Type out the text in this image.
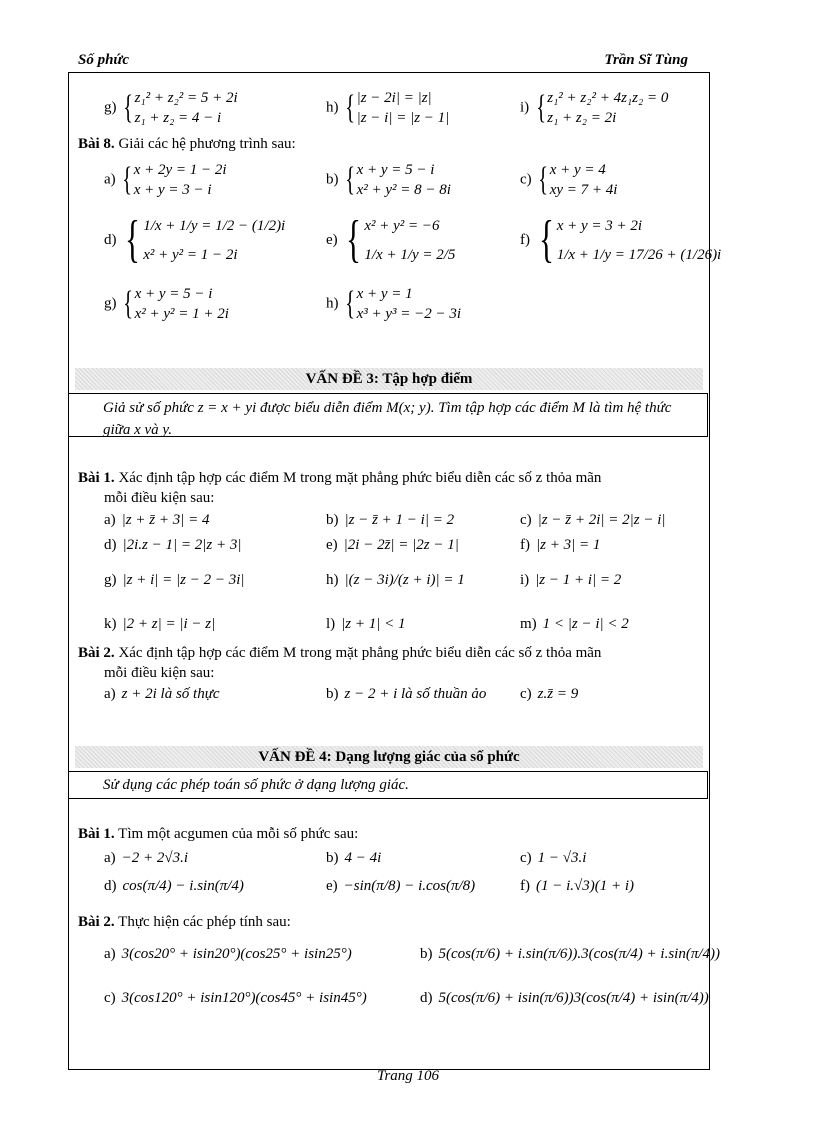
Số phức	Trần Sĩ Tùng
g) { z₁² + z₂² = 5 + 2i
z₁ + z₂ = 4 − i
h) { |z − 2i| = |z|
|z − i| = |z − 1|
i) { z₁² + z₂² + 4z₁z₂ = 0
z₁ + z₂ = 2i
Bài 8. Giải các hệ phương trình sau:
a) { x + 2y = 1 − 2i
x + y = 3 − i
b) { x + y = 5 − i
x² + y² = 8 − 8i
c) { x + y = 4
xy = 7 + 4i
d) { 1/x + 1/y = 1/2 − (1/2)i
x² + y² = 1 − 2i
e) { x² + y² = −6
1/x + 1/y = 2/5
f) { x + y = 3 + 2i
1/x + 1/y = 17/26 + (1/26)i
g) { x + y = 5 − i
x² + y² = 1 + 2i
h) { x + y = 1
x³ + y³ = −2 − 3i
VẤN ĐỀ 3: Tập hợp điểm
Giả sử số phức z = x + yi được biểu diễn điểm M(x; y). Tìm tập hợp các điểm M là tìm hệ thức giữa x và y.
Bài 1. Xác định tập hợp các điểm M trong mặt phẳng phức biểu diễn các số z thỏa mãn
mỗi điều kiện sau:
a) |z + z̄ + 3| = 4	b) |z − z̄ + 1 − i| = 2	c) |z − z̄ + 2i| = 2|z − i|
d) |2i.z − 1| = 2|z + 3|	e) |2i − 2z̄| = |2z − 1|	f) |z + 3| = 1
g) |z + i| = |z − 2 − 3i|	h) |(z − 3i)/(z + i)| = 1	i) |z − 1 + i| = 2
k) |2 + z| = |i − z|	l) |z + 1| < 1	m) 1 < |z − i| < 2
Bài 2. Xác định tập hợp các điểm M trong mặt phẳng phức biểu diễn các số z thỏa mãn
mỗi điều kiện sau:
a) z + 2i là số thực	b) z − 2 + i là số thuần ảo c) z.z̄ = 9
VẤN ĐỀ 4: Dạng lượng giác của số phức
Sử dụng các phép toán số phức ở dạng lượng giác.
Bài 1. Tìm một acgumen của mỗi số phức sau:
a) −2 + 2√3.i	b) 4 − 4i	c) 1 − √3.i
d) cos(π/4) − i.sin(π/4)	e) −sin(π/8) − i.cos(π/8)	f) (1 − i.√3)(1 + i)
Bài 2. Thực hiện các phép tính sau:
a) 3(cos20° + isin20°)(cos25° + isin25°)	b) 5(cos(π/6) + i.sin(π/6)).3(cos(π/4) + i.sin(π/4))
c) 3(cos120° + isin120°)(cos45° + isin45°)	d) 5(cos(π/6) + isin(π/6))3(cos(π/4) + isin(π/4))
Trang 106
